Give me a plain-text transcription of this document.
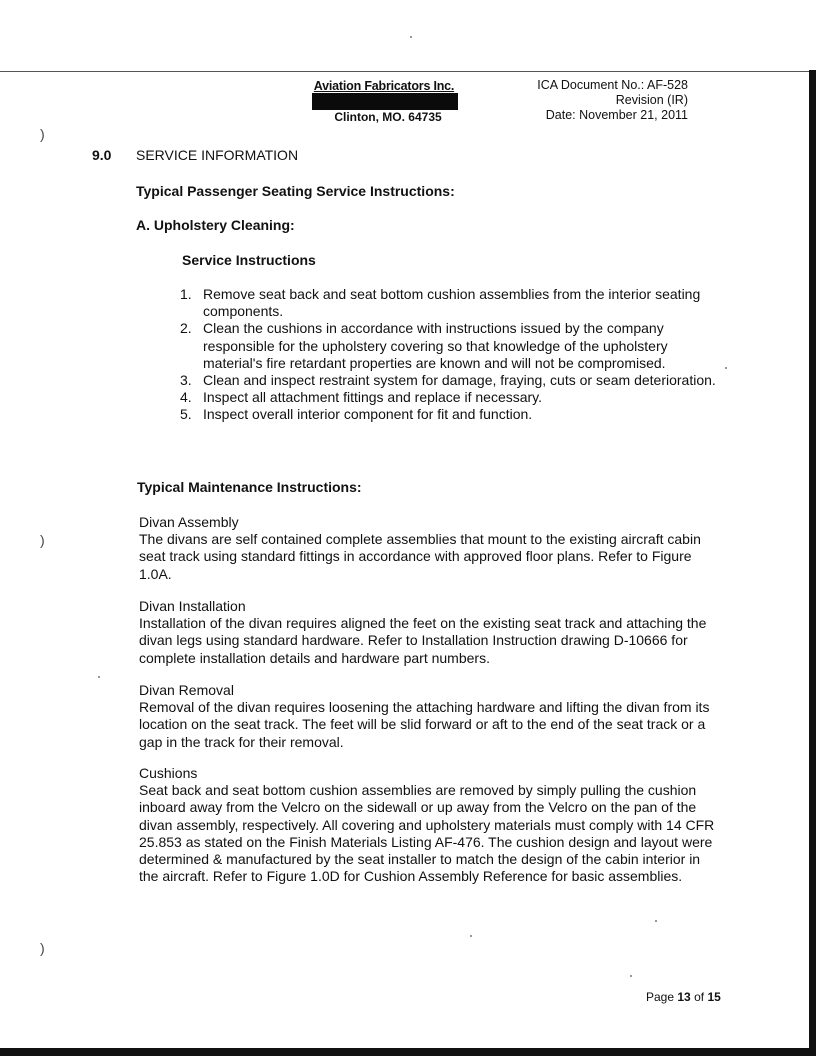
)
)
)
Aviation Fabricators Inc.
Clinton, MO. 64735
ICA Document No.: AF-528
Revision (IR)
Date: November 21, 2011
9.0 SERVICE INFORMATION
Typical Passenger Seating Service Instructions:
A. Upholstery Cleaning:
Service Instructions
1. Remove seat back and seat bottom cushion assemblies from the interior seating components.
2. Clean the cushions in accordance with instructions issued by the company responsible for the upholstery covering so that knowledge of the upholstery material's fire retardant properties are known and will not be compromised.
3. Clean and inspect restraint system for damage, fraying, cuts or seam deterioration.
4. Inspect all attachment fittings and replace if necessary.
5. Inspect overall interior component for fit and function.
Typical Maintenance Instructions:
Divan Assembly
The divans are self contained complete assemblies that mount to the existing aircraft cabin seat track using standard fittings in accordance with approved floor plans. Refer to Figure 1.0A.
Divan Installation
Installation of the divan requires aligned the feet on the existing seat track and attaching the divan legs using standard hardware. Refer to Installation Instruction drawing D-10666 for complete installation details and hardware part numbers.
Divan Removal
Removal of the divan requires loosening the attaching hardware and lifting the divan from its location on the seat track. The feet will be slid forward or aft to the end of the seat track or a gap in the track for their removal.
Cushions
Seat back and seat bottom cushion assemblies are removed by simply pulling the cushion inboard away from the Velcro on the sidewall or up away from the Velcro on the pan of the divan assembly, respectively. All covering and upholstery materials must comply with 14 CFR 25.853 as stated on the Finish Materials Listing AF-476. The cushion design and layout were determined & manufactured by the seat installer to match the design of the cabin interior in the aircraft. Refer to Figure 1.0D for Cushion Assembly Reference for basic assemblies.
Page 13 of 15
